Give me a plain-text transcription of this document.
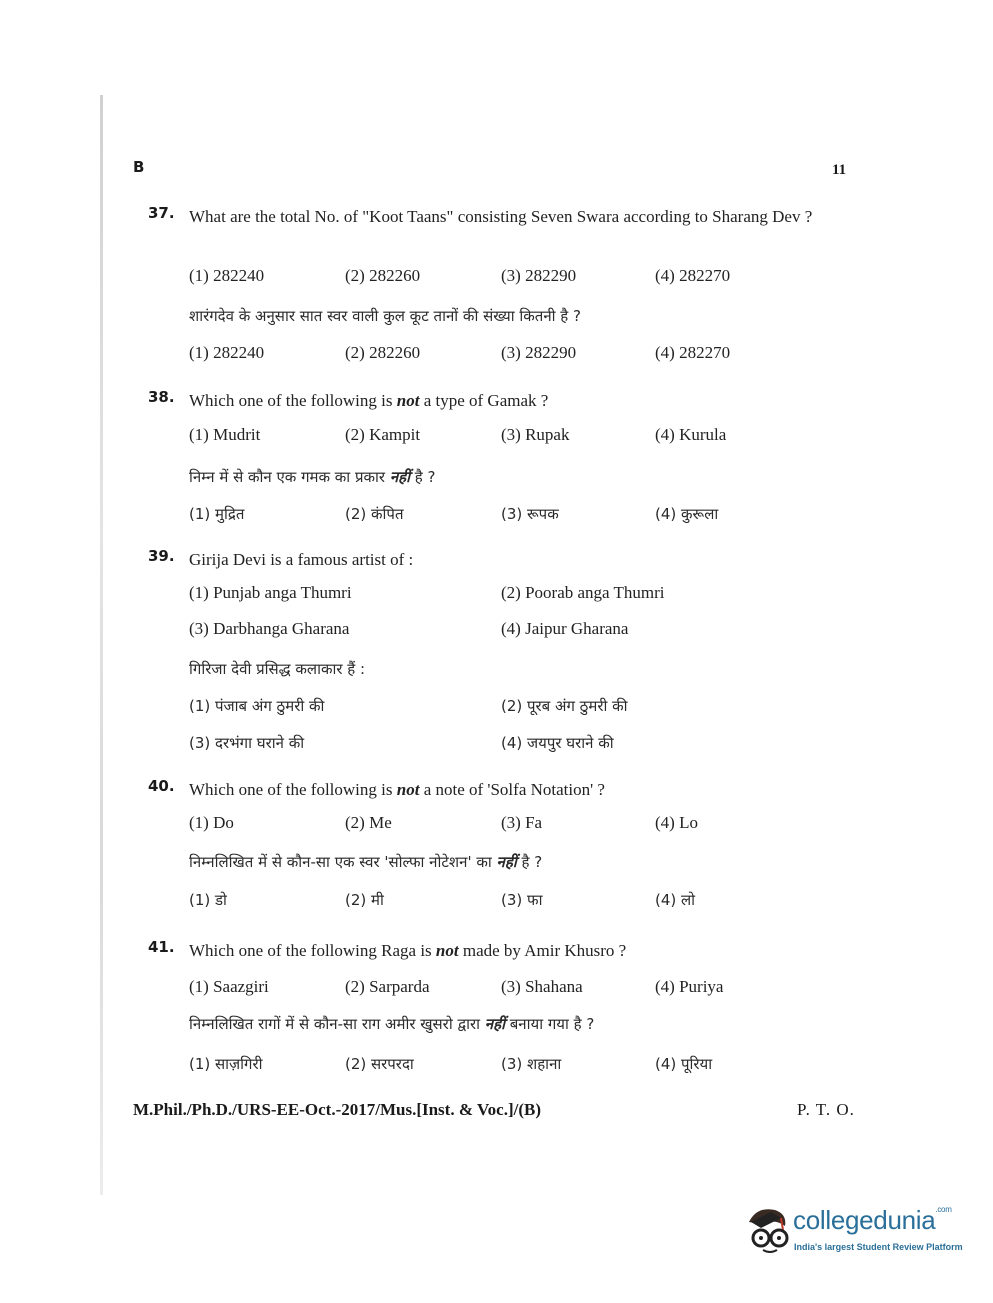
B	11
37. What are the total No. of "Koot Taans" consisting Seven Swara according to Sharang Dev ?
(1) 282240	(2) 282260	(3) 282290	(4) 282270
शारंगदेव के अनुसार सात स्वर वाली कुल कूट तानों की संख्या कितनी है ?
(1) 282240	(2) 282260	(3) 282290	(4) 282270
38. Which one of the following is not a type of Gamak ?
(1) Mudrit	(2) Kampit	(3) Rupak	(4) Kurula
निम्न में से कौन एक गमक का प्रकार नहीं है ?
(1) मुद्रित	(2) कंपित	(3) रूपक	(4) कुरूला
39. Girija Devi is a famous artist of :
(1) Punjab anga Thumri	(2) Poorab anga Thumri
(3) Darbhanga Gharana	(4) Jaipur Gharana
गिरिजा देवी प्रसिद्ध कलाकार हैं :
(1) पंजाब अंग ठुमरी की	(2) पूरब अंग ठुमरी की
(3) दरभंगा घराने की	(4) जयपुर घराने की
40. Which one of the following is not a note of 'Solfa Notation' ?
(1) Do	(2) Me	(3) Fa	(4) Lo
निम्नलिखित में से कौन-सा एक स्वर 'सोल्फा नोटेशन' का नहीं है ?
(1) डो	(2) मी	(3) फा	(4) लो
41. Which one of the following Raga is not made by Amir Khusro ?
(1) Saazgiri	(2) Sarparda	(3) Shahana	(4) Puriya
निम्नलिखित रागों में से कौन-सा राग अमीर खुसरो द्वारा नहीं बनाया गया है ?
(1) साज़गिरी	(2) सरपरदा	(3) शहाना	(4) पूरिया
M.Phil./Ph.D./URS-EE-Oct.-2017/Mus.[Inst. & Voc.]/(B)	P. T. O.
collegedunia$^{.com}$
India's largest Student Review Platform
